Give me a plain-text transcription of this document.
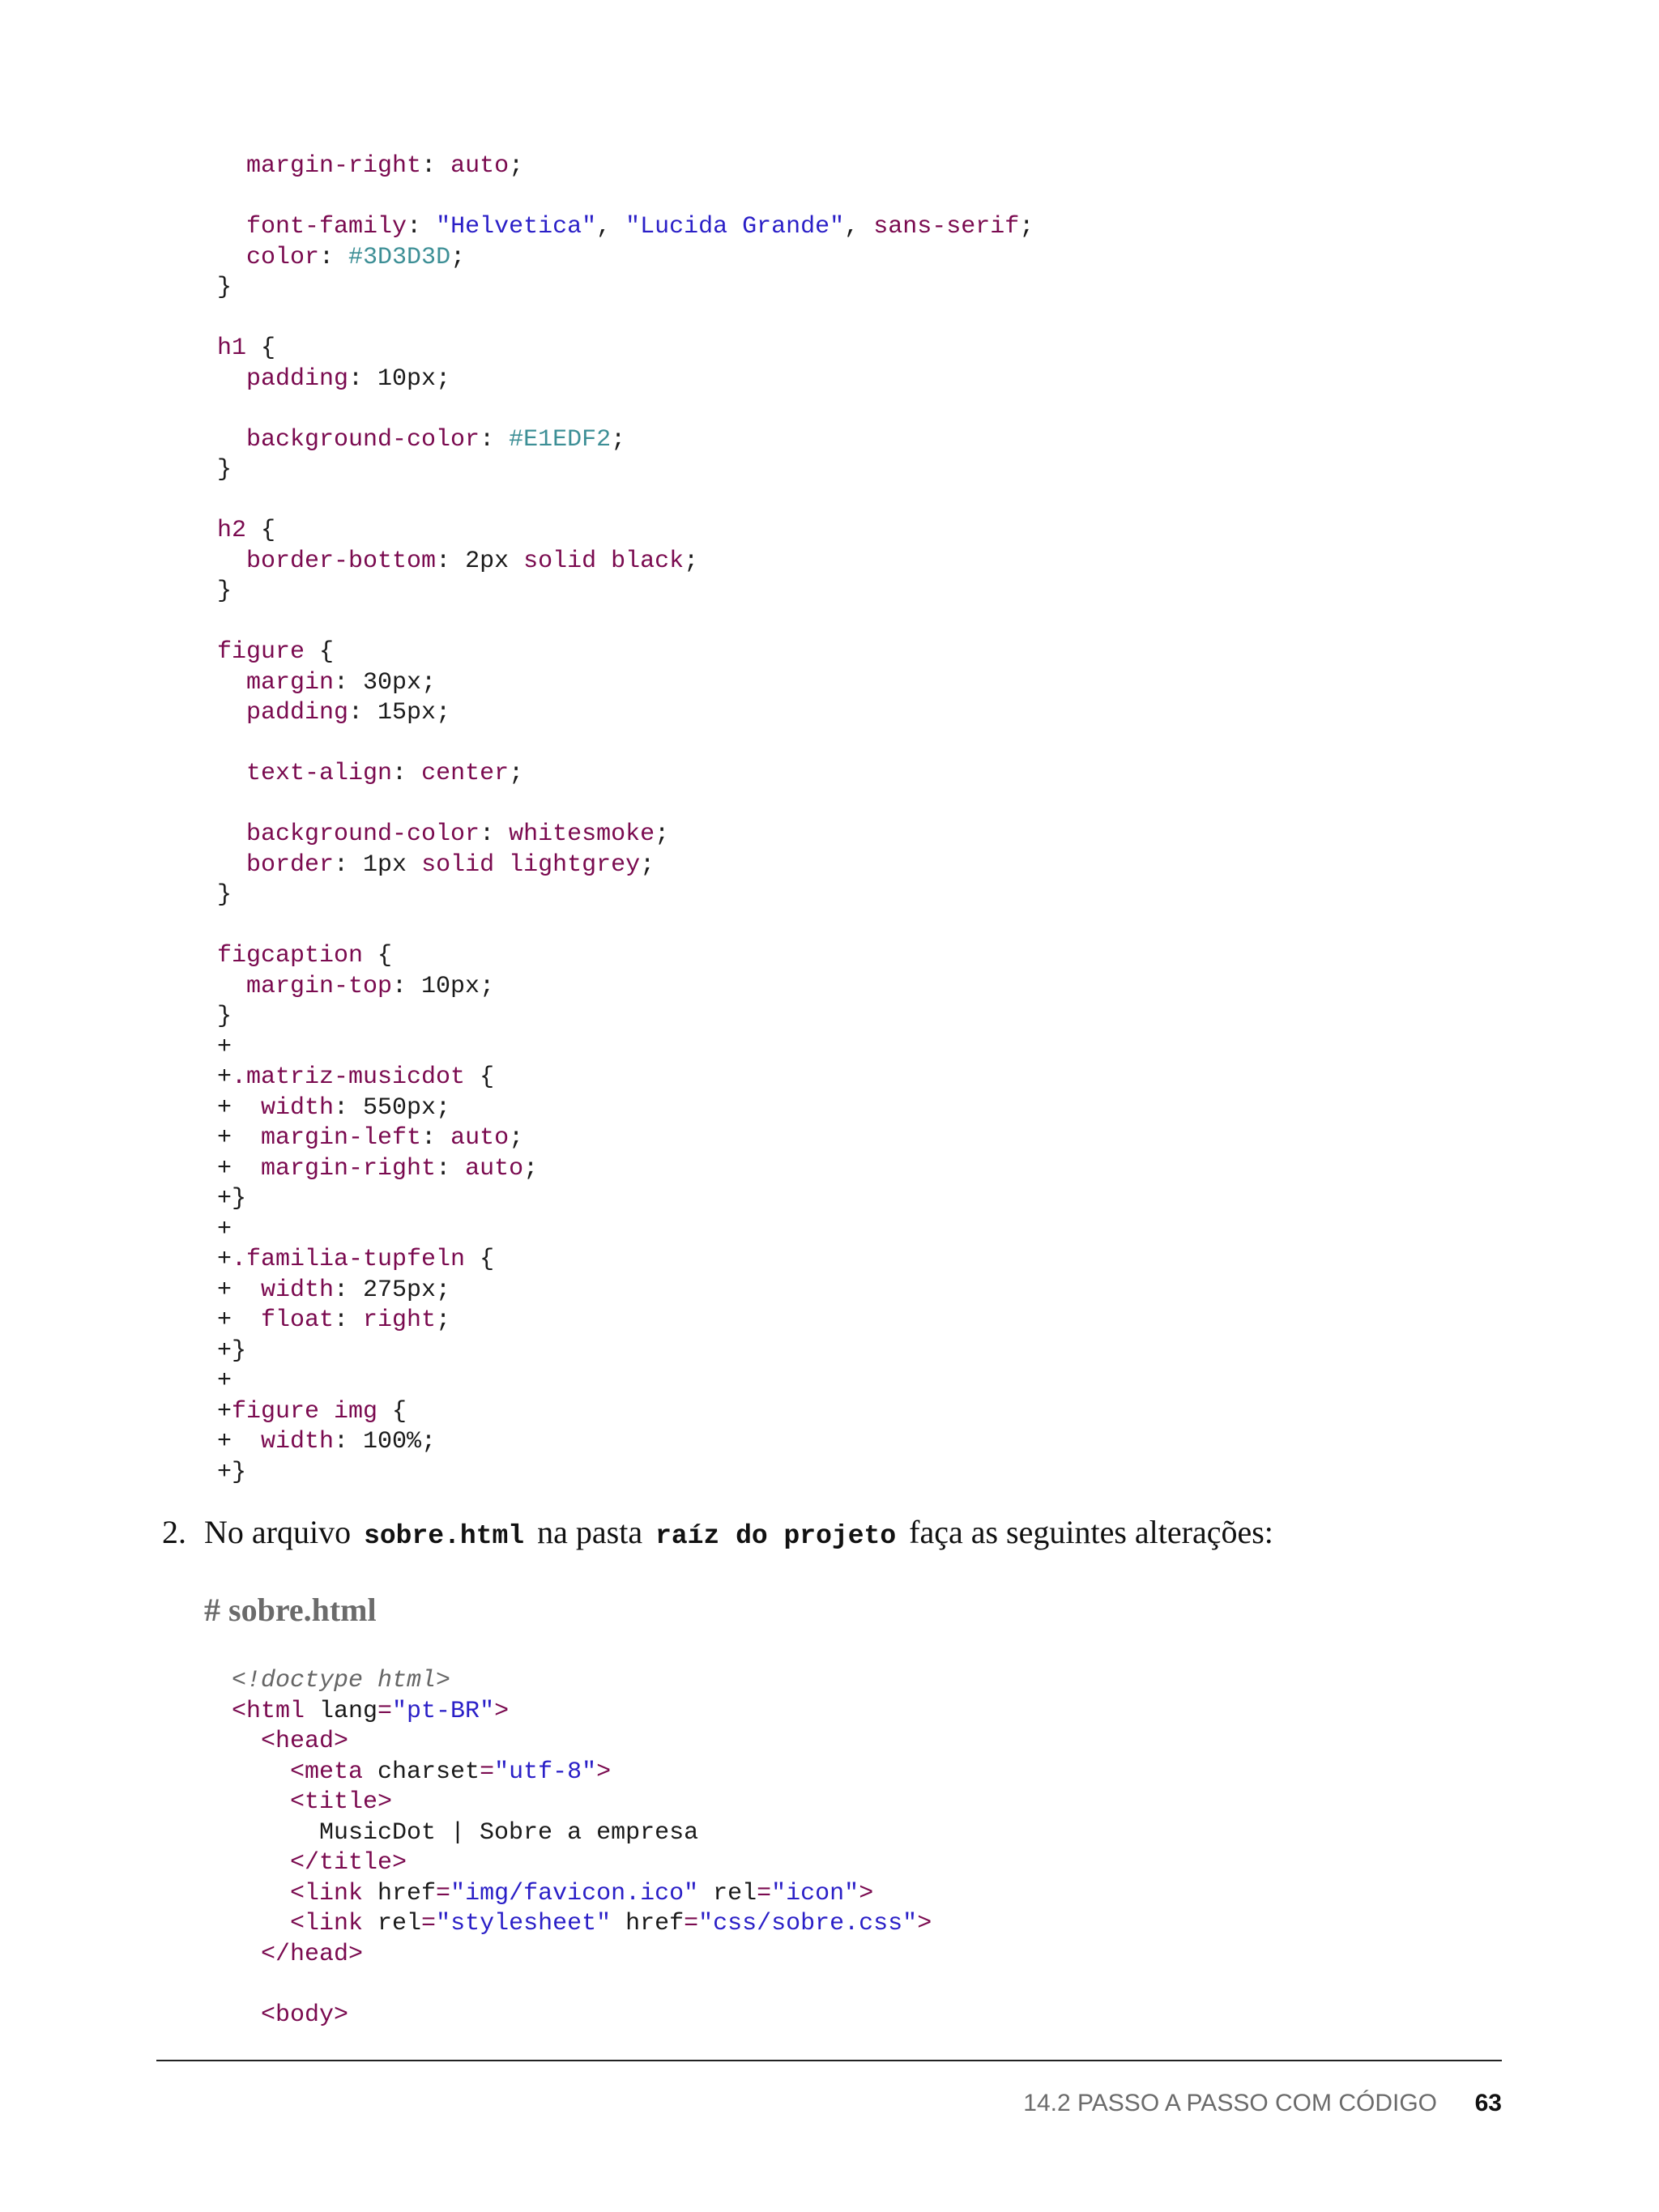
margin-right: auto;
font-family: "Helvetica", "Lucida Grande", sans-serif;
color: #3D3D3D;
}
h1 {
padding: 10px;
background-color: #E1EDF2;
}
h2 {
border-bottom: 2px solid black;
}
figure {
margin: 30px;
padding: 15px;
text-align: center;
background-color: whitesmoke;
border: 1px solid lightgrey;
}
figcaption {
margin-top: 10px;
}
+
+.matriz-musicdot {
+  width: 550px;
+  margin-left: auto;
+  margin-right: auto;
+}
+
+.familia-tupfeln {
+  width: 275px;
+  float: right;
+}
+
+figure img {
+  width: 100%;
+}
2. No arquivo sobre.html na pasta raíz do projeto faça as seguintes alterações:
# sobre.html
<!doctype html>
<html lang="pt-BR">
<head>
<meta charset="utf-8">
<title>
MusicDot | Sobre a empresa
</title>
<link href="img/favicon.ico" rel="icon">
<link rel="stylesheet" href="css/sobre.css">
</head>
<body>
14.2 PASSO A PASSO COM CÓDIGO 63
